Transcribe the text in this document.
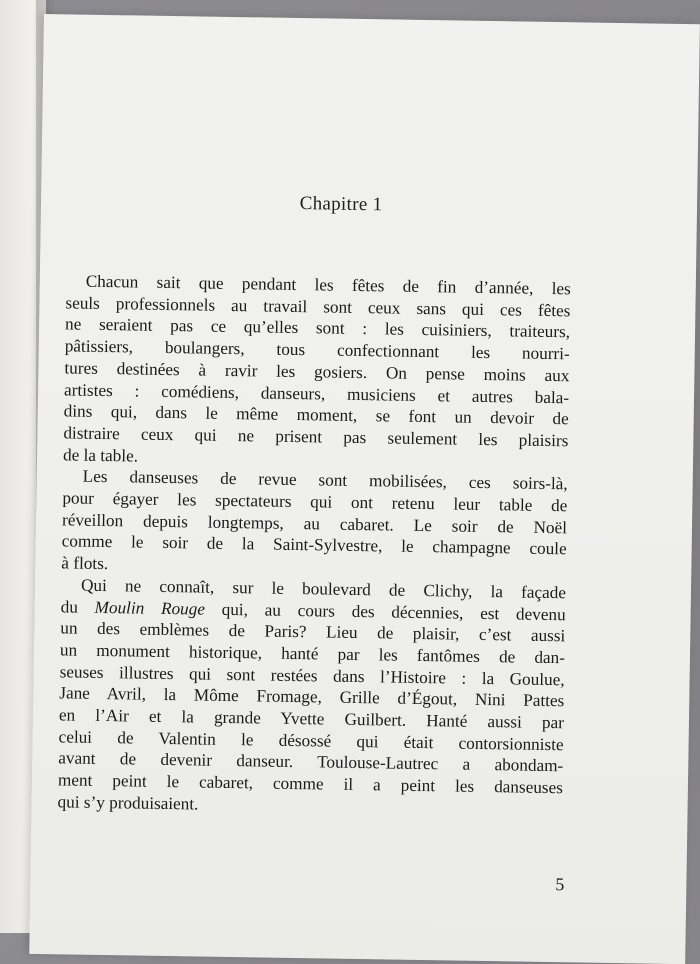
Chapitre 1
Chacun sait que pendant les fêtes de fin d’année, les
seuls professionnels au travail sont ceux sans qui ces fêtes
ne seraient pas ce qu’elles sont : les cuisiniers, traiteurs,
pâtissiers, boulangers, tous confectionnant les nourri-
tures destinées à ravir les gosiers. On pense moins aux
artistes : comédiens, danseurs, musiciens et autres bala-
dins qui, dans le même moment, se font un devoir de
distraire ceux qui ne prisent pas seulement les plaisirs
de la table.
Les danseuses de revue sont mobilisées, ces soirs-là,
pour égayer les spectateurs qui ont retenu leur table de
réveillon depuis longtemps, au cabaret. Le soir de Noël
comme le soir de la Saint-Sylvestre, le champagne coule
à flots.
Qui ne connaît, sur le boulevard de Clichy, la façade
du Moulin Rouge qui, au cours des décennies, est devenu
un des emblèmes de Paris? Lieu de plaisir, c’est aussi
un monument historique, hanté par les fantômes de dan-
seuses illustres qui sont restées dans l’Histoire : la Goulue,
Jane Avril, la Môme Fromage, Grille d’Égout, Nini Pattes
en l’Air et la grande Yvette Guilbert. Hanté aussi par
celui de Valentin le désossé qui était contorsionniste
avant de devenir danseur. Toulouse-Lautrec a abondam-
ment peint le cabaret, comme il a peint les danseuses
qui s’y produisaient.
5
